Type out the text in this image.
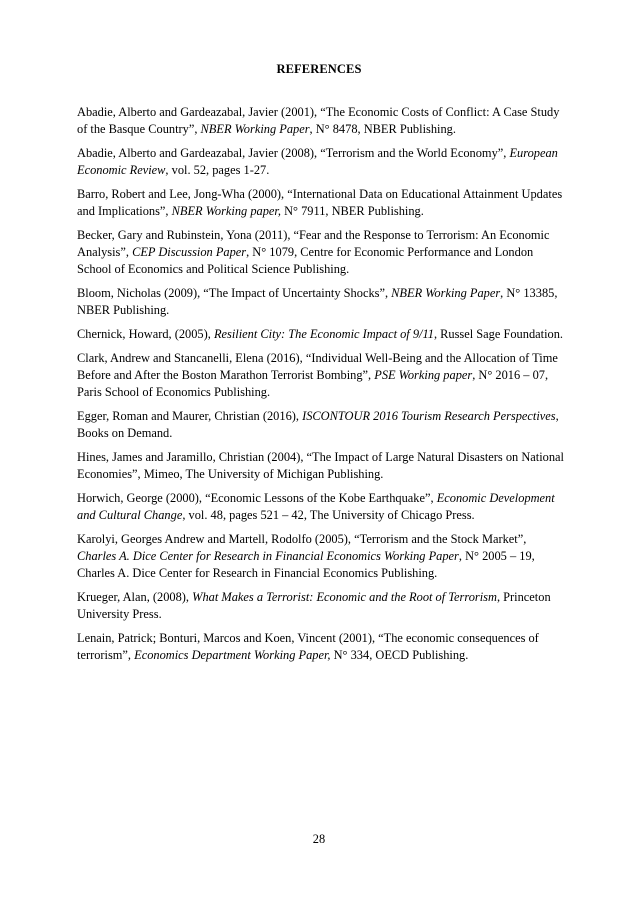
REFERENCES

Abadie, Alberto and Gardeazabal, Javier (2001), “The Economic Costs of Conflict: A Case Study of the Basque Country”, NBER Working Paper, N° 8478, NBER Publishing.

Abadie, Alberto and Gardeazabal, Javier (2008), “Terrorism and the World Economy”, European Economic Review, vol. 52, pages 1-27.

Barro, Robert and Lee, Jong-Wha (2000), “International Data on Educational Attainment Updates and Implications”, NBER Working paper, N° 7911, NBER Publishing.

Becker, Gary and Rubinstein, Yona (2011), “Fear and the Response to Terrorism: An Economic Analysis”, CEP Discussion Paper, N° 1079, Centre for Economic Performance and London School of Economics and Political Science Publishing.

Bloom, Nicholas (2009), “The Impact of Uncertainty Shocks”, NBER Working Paper, N° 13385, NBER Publishing.

Chernick, Howard, (2005), Resilient City: The Economic Impact of 9/11, Russel Sage Foundation.

Clark, Andrew and Stancanelli, Elena (2016), “Individual Well-Being and the Allocation of Time Before and After the Boston Marathon Terrorist Bombing”, PSE Working paper, N° 2016 – 07, Paris School of Economics Publishing.

Egger, Roman and Maurer, Christian (2016), ISCONTOUR 2016 Tourism Research Perspectives, Books on Demand.

Hines, James and Jaramillo, Christian (2004), “The Impact of Large Natural Disasters on National Economies”, Mimeo, The University of Michigan Publishing.

Horwich, George (2000), “Economic Lessons of the Kobe Earthquake”, Economic Development and Cultural Change, vol. 48, pages 521 – 42, The University of Chicago Press.

Karolyi, Georges Andrew and Martell, Rodolfo (2005), “Terrorism and the Stock Market”, Charles A. Dice Center for Research in Financial Economics Working Paper, N° 2005 – 19, Charles A. Dice Center for Research in Financial Economics Publishing.

Krueger, Alan, (2008), What Makes a Terrorist: Economic and the Root of Terrorism, Princeton University Press.

Lenain, Patrick; Bonturi, Marcos and Koen, Vincent (2001), “The economic consequences of terrorism”, Economics Department Working Paper, N° 334, OECD Publishing.

28
